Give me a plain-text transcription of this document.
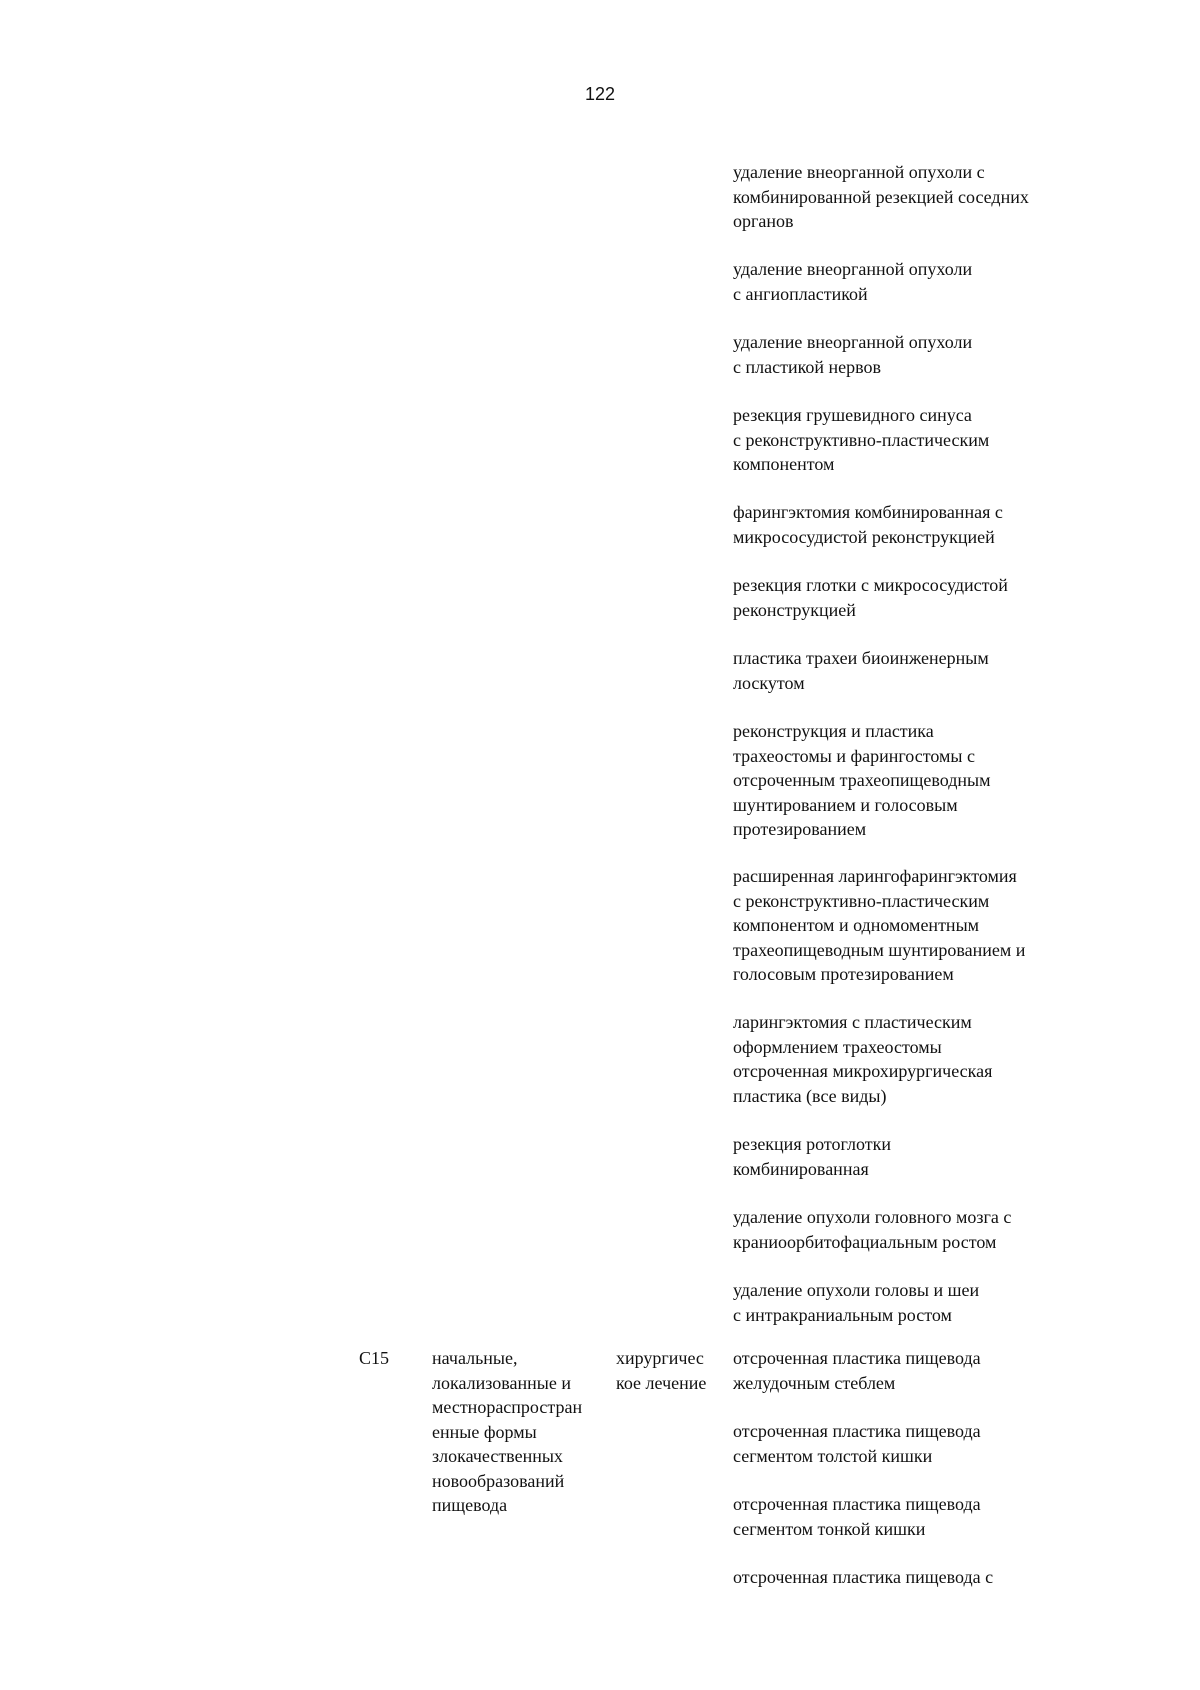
122
удаление внеорганной опухоли с
комбинированной резекцией соседних
органов
удаление внеорганной опухоли
с ангиопластикой
удаление внеорганной опухоли
с пластикой нервов
резекция грушевидного синуса
с реконструктивно-пластическим
компонентом
фарингэктомия комбинированная с
микрососудистой реконструкцией
резекция глотки с микрососудистой
реконструкцией
пластика трахеи биоинженерным
лоскутом
реконструкция и пластика
трахеостомы и фарингостомы с
отсроченным трахеопищеводным
шунтированием и голосовым
протезированием
расширенная ларингофарингэктомия
с реконструктивно-пластическим
компонентом и одномоментным
трахеопищеводным шунтированием и
голосовым протезированием
ларингэктомия с пластическим
оформлением трахеостомы
отсроченная микрохирургическая
пластика (все виды)
резекция ротоглотки
комбинированная
удаление опухоли головного мозга с
краниоорбитофациальным ростом
удаление опухоли головы и шеи
с интракраниальным ростом
C15	начальные,
локализованные и
местнораспростран
енные формы
злокачественных
новообразований
пищевода
хирургичес
кое лечение
отсроченная пластика пищевода
желудочным стеблем
отсроченная пластика пищевода
сегментом толстой кишки
отсроченная пластика пищевода
сегментом тонкой кишки
отсроченная пластика пищевода с
